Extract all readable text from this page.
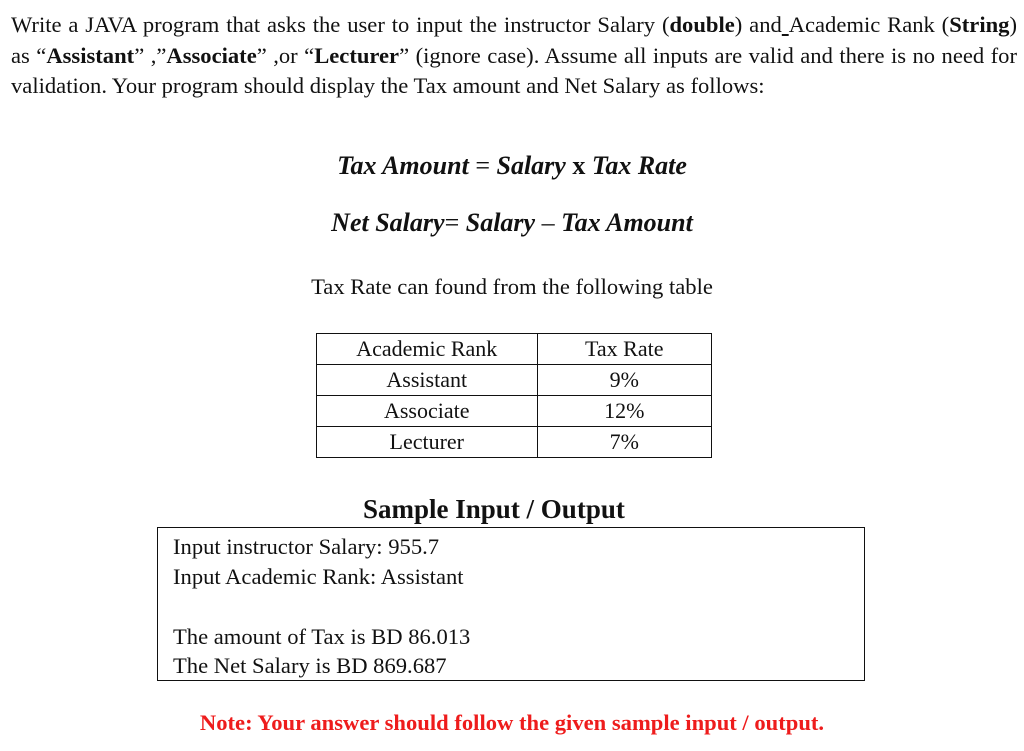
Write a JAVA program that asks the user to input the instructor Salary (double) and Academic Rank (String) as “Assistant” ,”Associate” ,or “Lecturer” (ignore case). Assume all inputs are valid and there is no need for validation. Your program should display the Tax amount and Net Salary as follows:

Tax Amount = Salary x Tax Rate

Net Salary= Salary – Tax Amount

Tax Rate can found from the following table

Academic Rank	Tax Rate
Assistant	9%
Associate	12%
Lecturer	7%

Sample Input / Output

Input instructor Salary: 955.7

Input Academic Rank: Assistant

The amount of Tax is BD 86.013

The Net Salary is BD 869.687

Note: Your answer should follow the given sample input / output.
